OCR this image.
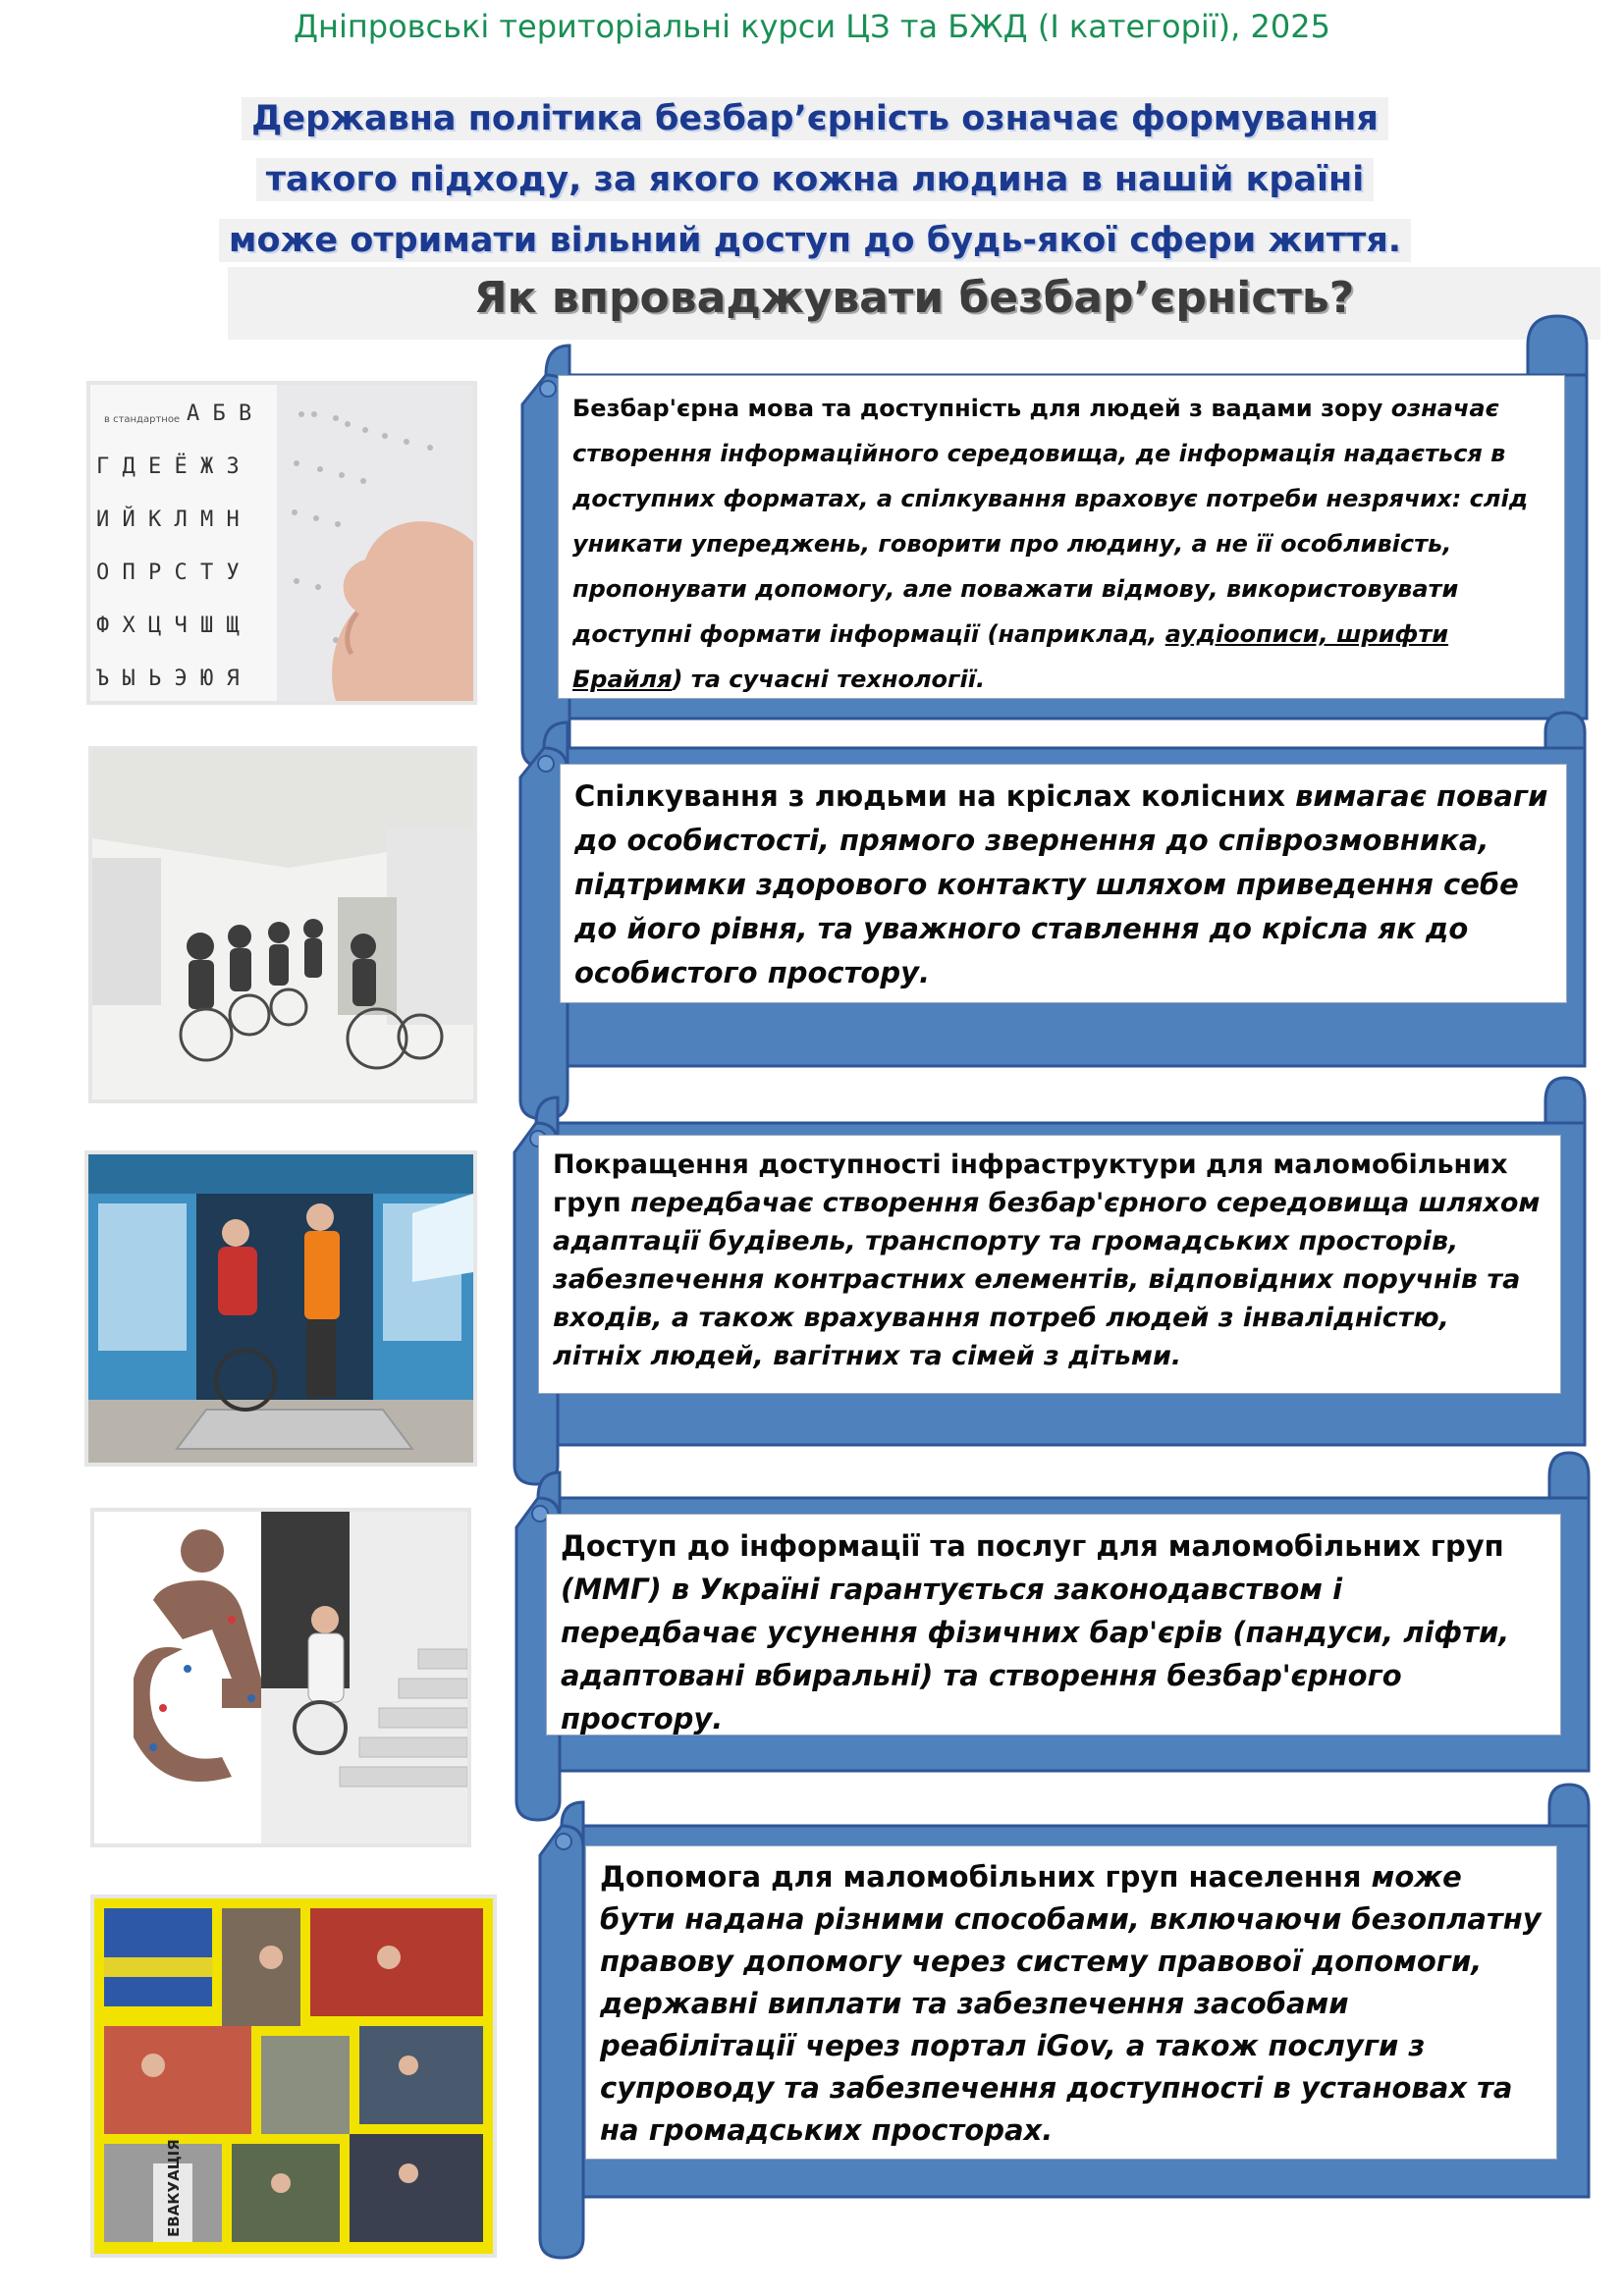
Дніпровські територіальні курси ЦЗ та БЖД (І категорії), 2025
Державна політика безбар’єрність означає формування
такого підходу, за якого кожна людина в нашій країні
може отримати вільний доступ до будь-якої сфери життя.
Як впроваджувати безбар’єрність?
в стандартное А Б В
Г Д Е Ё Ж З
И Й К Л М Н
О П Р С Т У
Ф Х Ц Ч Ш Щ
Ъ Ы Ь Э Ю Я
Безбар'єрна мова та доступність для людей з вадами зору означає створення інформаційного середовища, де інформація надається в доступних форматах, а спілкування враховує потреби незрячих: слід уникати упереджень, говорити про людину, а не її особливість, пропонувати допомогу, але поважати відмову, використовувати доступні формати інформації (наприклад, аудіоописи, шрифти Брайля) та сучасні технології.
Спілкування з людьми на кріслах колісних вимагає поваги до особистості, прямого звернення до співрозмовника, підтримки здорового контакту шляхом приведення себе до його рівня, та уважного ставлення до крісла як до особистого простору.
Покращення доступності інфраструктури для маломобільних груп передбачає створення безбар'єрного середовища шляхом адаптації будівель, транспорту та громадських просторів, забезпечення контрастних елементів, відповідних поручнів та входів, а також врахування потреб людей з інвалідністю, літніх людей, вагітних та сімей з дітьми.
Доступ до інформації та послуг для маломобільних груп (ММГ) в Україні гарантується законодавством і передбачає усунення фізичних бар'єрів (пандуси, ліфти, адаптовані вбиральні) та створення безбар'єрного простору.
ЕВАКУАЦІЯ
Допомога для маломобільних груп населення може бути надана різними способами, включаючи безоплатну правову допомогу через систему правової допомоги, державні виплати та забезпечення засобами реабілітації через портал iGov, а також послуги з супроводу та забезпечення доступності в установах та на громадських просторах.
